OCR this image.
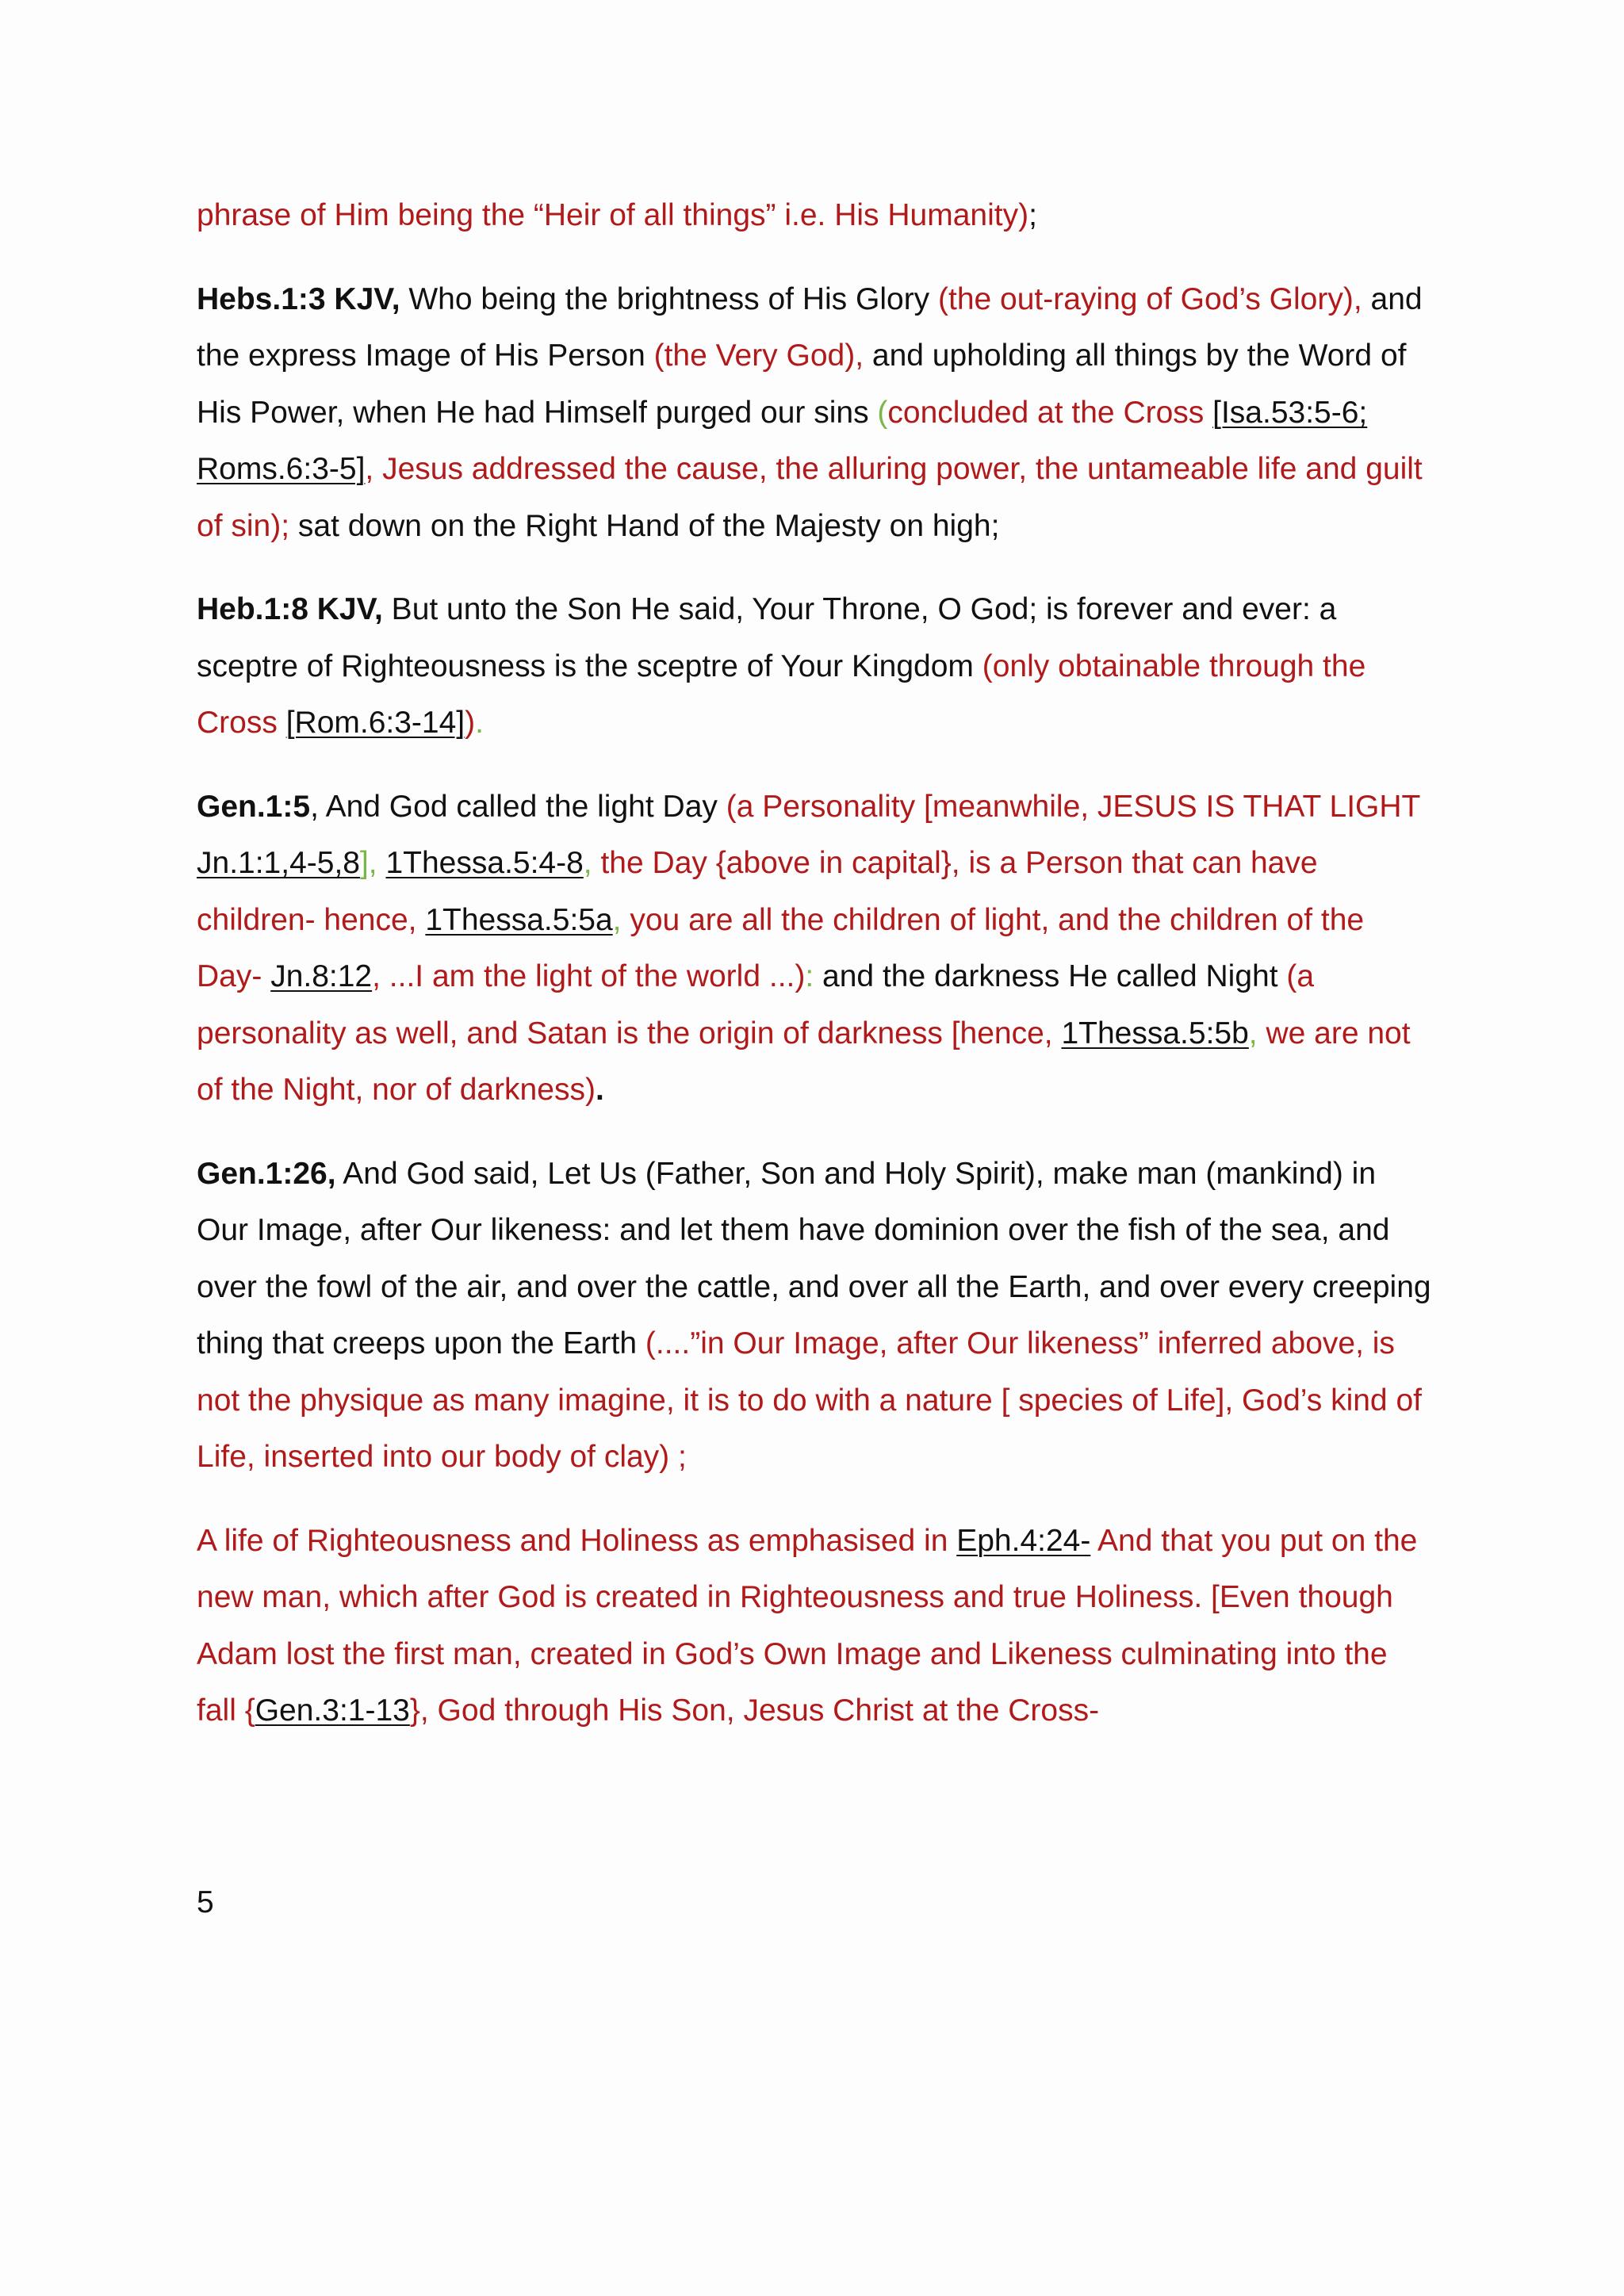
phrase of Him being the “Heir of all things” i.e. His Humanity);

Hebs.1:3 KJV, Who being the brightness of His Glory (the out-raying of God’s Glory), and the express Image of His Person (the Very God), and upholding all things by the Word of His Power, when He had Himself purged our sins (concluded at the Cross [Isa.53:5-6; Roms.6:3-5], Jesus addressed the cause, the alluring power, the untameable life and guilt of sin); sat down on the Right Hand of the Majesty on high;

Heb.1:8 KJV, But unto the Son He said, Your Throne, O God; is forever and ever: a sceptre of Righteousness is the sceptre of Your Kingdom (only obtainable through the Cross [Rom.6:3-14]).

Gen.1:5, And God called the light Day (a Personality [meanwhile, JESUS IS THAT LIGHT Jn.1:1,4-5,8], 1Thessa.5:4-8, the Day {above in capital}, is a Person that can have children- hence, 1Thessa.5:5a, you are all the children of light, and the children of the Day- Jn.8:12, ...I am the light of the world ...): and the darkness He called Night (a personality as well, and Satan is the origin of darkness [hence, 1Thessa.5:5b, we are not of the Night, nor of darkness).

Gen.1:26, And God said, Let Us (Father, Son and Holy Spirit), make man (mankind) in Our Image, after Our likeness: and let them have dominion over the fish of the sea, and over the fowl of the air, and over the cattle, and over all the Earth, and over every creeping thing that creeps upon the Earth (....”in Our Image, after Our likeness” inferred above, is not the physique as many imagine, it is to do with a nature [ species of Life], God’s kind of Life, inserted into our body of clay) ;

A life of Righteousness and Holiness as emphasised in Eph.4:24- And that you put on the new man, which after God is created in Righteousness and true Holiness. [Even though Adam lost the first man, created in God’s Own Image and Likeness culminating into the fall {Gen.3:1-13}, God through His Son, Jesus Christ at the Cross-

5
